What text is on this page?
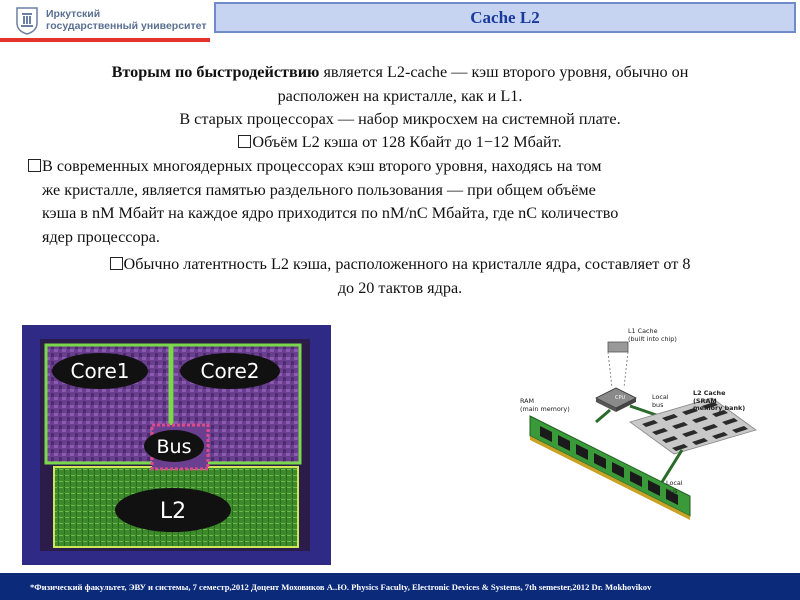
Иркутский
государственный университет	Cache L2
Вторым по быстродействию является L2-cache — кэш второго уровня, обычно он
расположен на кристалле, как и L1.
В старых процессорах — набор микросхем на системной плате.
Объём L2 кэша от 128 Кбайт до 1−12 Мбайт.
В современных многоядерных процессорах кэш второго уровня, находясь на том
же кристалле, является памятью раздельного пользования — при общем объёме
кэша в nM Мбайт на каждое ядро приходится по nM/nC Мбайта, где nC количество
ядер процессора.
Обычно латентность L2 кэша, расположенного на кристалле ядра, составляет от 8
до 20 тактов ядра.
Core1	Core2
Bus
L2
L1 Cache
(built into chip)
CPU	Local
bus
L2 Cache
(SRAM
memory bank)
RAM
(main memory)
Local
bus
*Физический факультет, ЭВУ и системы, 7 семестр,2012 Доцент Моховиков А..Ю. Physics Faculty, Electronic Devices & Systems, 7th semester,2012 Dr. Mokhovikov
